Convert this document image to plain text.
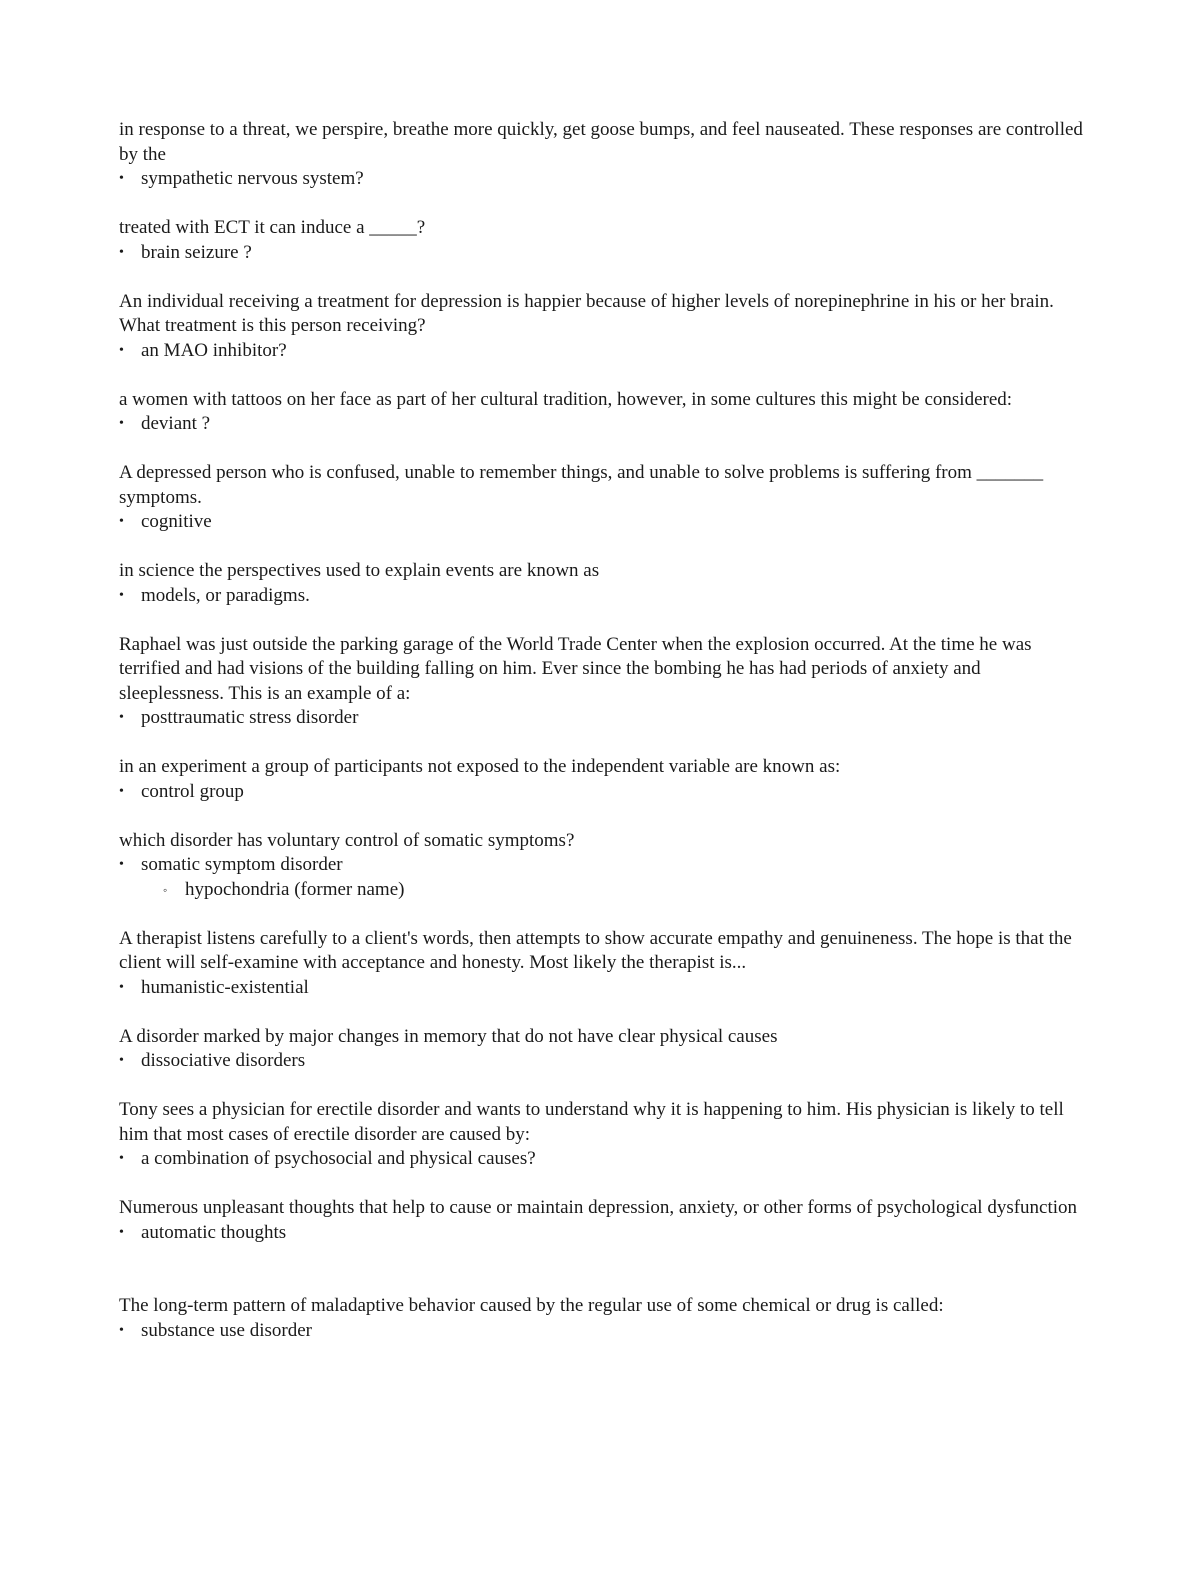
in response to a threat, we perspire, breathe more quickly, get goose bumps, and feel nauseated. These responses are controlled by the

• sympathetic nervous system?

treated with ECT it can induce a _____?

• brain seizure ?

An individual receiving a treatment for depression is happier because of higher levels of norepinephrine in his or her brain. What treatment is this person receiving?

• an MAO inhibitor?

a women with tattoos on her face as part of her cultural tradition, however, in some cultures this might be considered:

• deviant ?

A depressed person who is confused, unable to remember things, and unable to solve problems is suffering from _______ symptoms.

• cognitive

in science the perspectives used to explain events are known as

• models, or paradigms.

Raphael was just outside the parking garage of the World Trade Center when the explosion occurred. At the time he was terrified and had visions of the building falling on him. Ever since the bombing he has had periods of anxiety and sleeplessness. This is an example of a:

• posttraumatic stress disorder

in an experiment a group of participants not exposed to the independent variable are known as:

• control group

which disorder has voluntary control of somatic symptoms?

• somatic symptom disorder
◦ hypochondria (former name)

A therapist listens carefully to a client's words, then attempts to show accurate empathy and genuineness. The hope is that the client will self-examine with acceptance and honesty. Most likely the therapist is...

• humanistic-existential

A disorder marked by major changes in memory that do not have clear physical causes

• dissociative disorders

Tony sees a physician for erectile disorder and wants to understand why it is happening to him. His physician is likely to tell him that most cases of erectile disorder are caused by:

• a combination of psychosocial and physical causes?

Numerous unpleasant thoughts that help to cause or maintain depression, anxiety, or other forms of psychological dysfunction

• automatic thoughts

The long-term pattern of maladaptive behavior caused by the regular use of some chemical or drug is called:

• substance use disorder
